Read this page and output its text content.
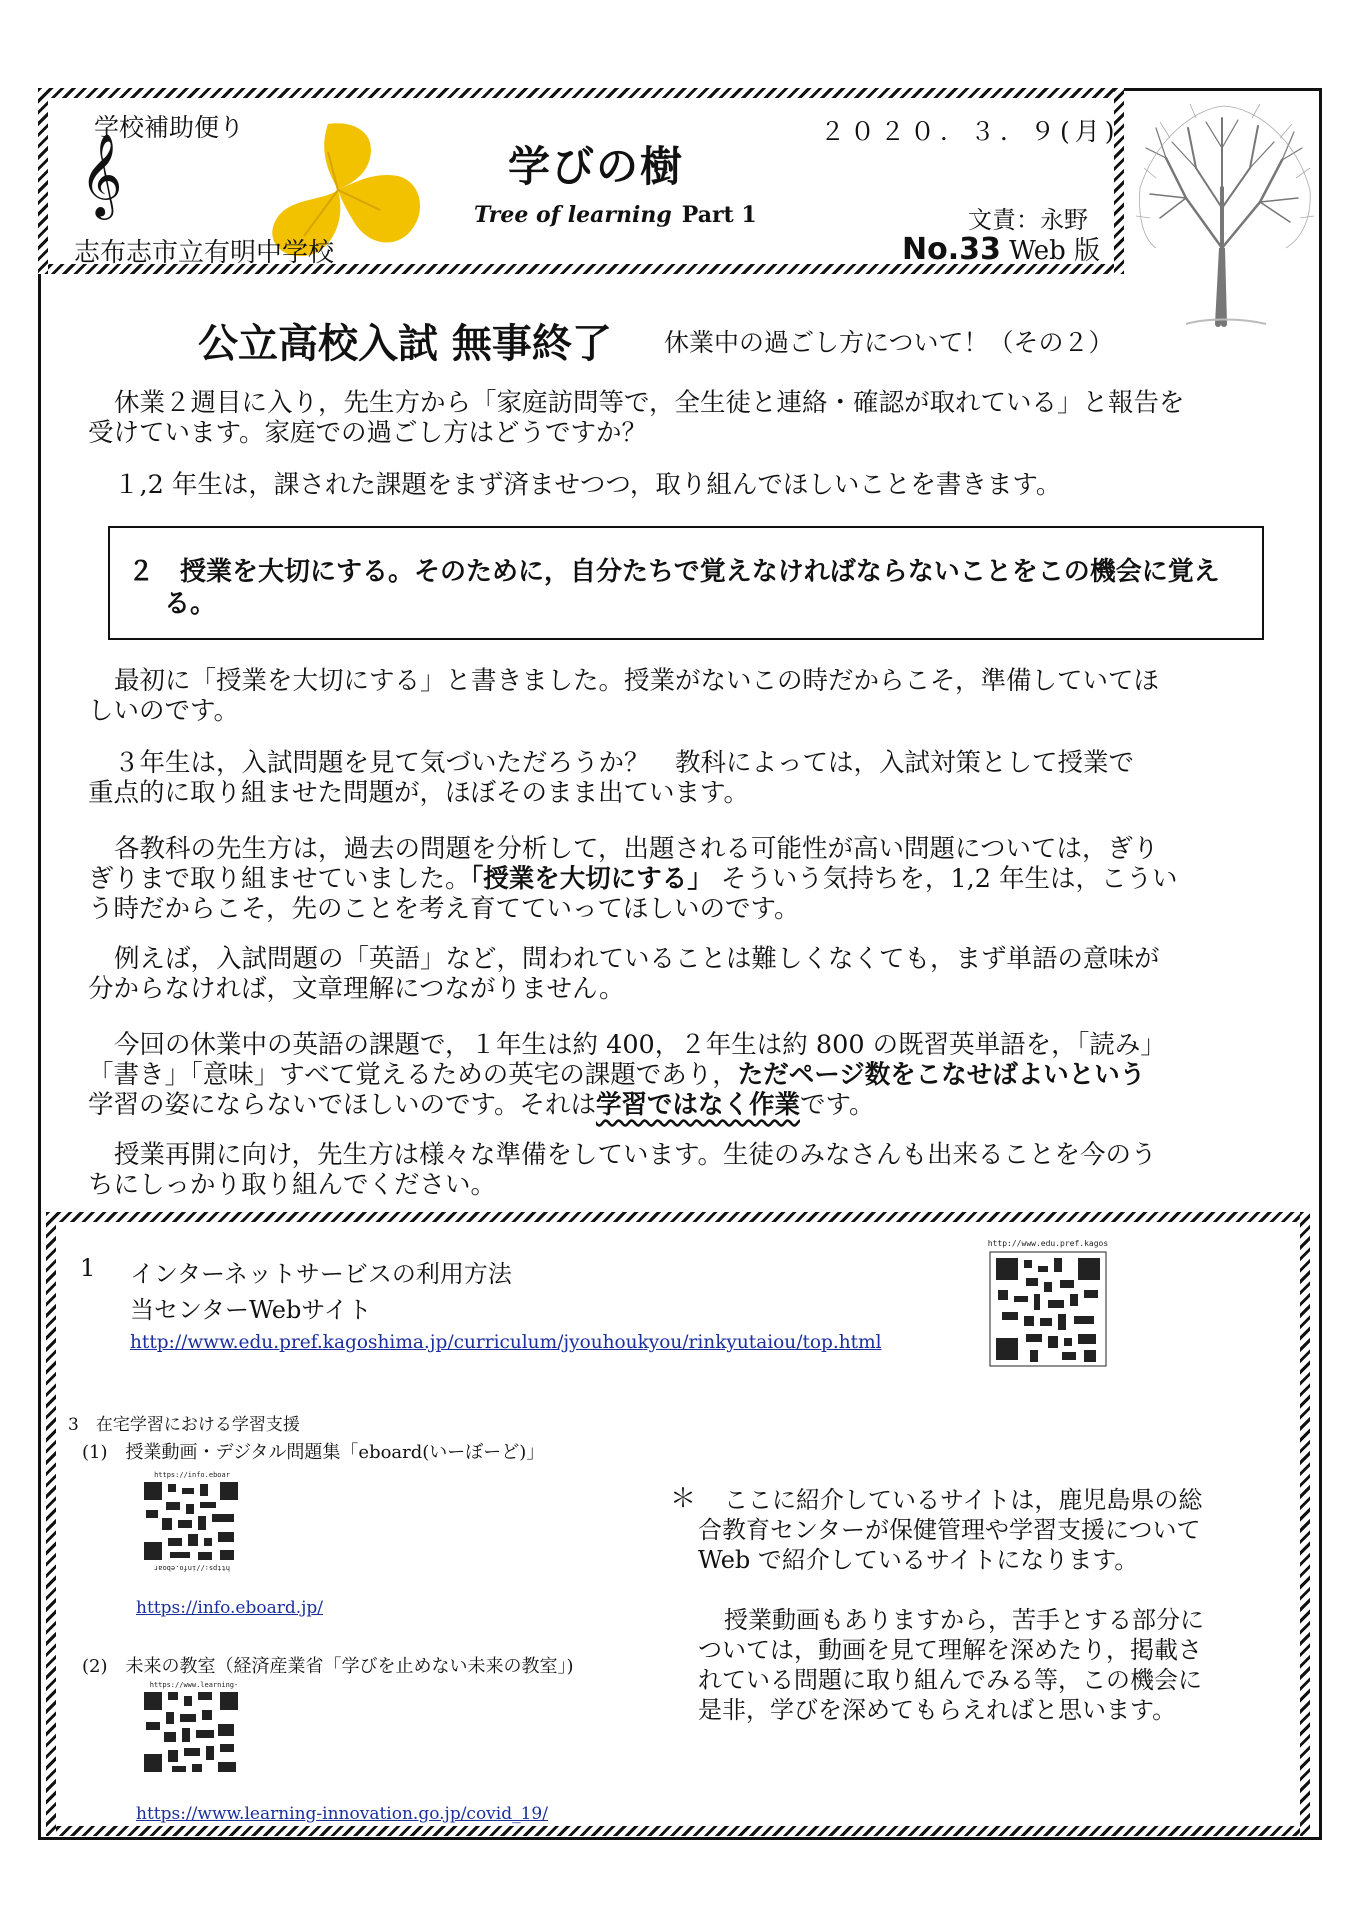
学校補助便り
𝄞
志布志市立有明中学校
学びの樹
Tree of learning Part 1
２０２０．３．９(月)
文責：永野
No.33 Web 版
公立高校入試 無事終了 休業中の過ごし方について！（その２）

休業２週目に入り，先生方から「家庭訪問等で，全生徒と連絡・確認が取れている」と報告を
受けています。家庭での過ごし方はどうですか？

１,2 年生は，課された課題をまず済ませつつ，取り組んでほしいことを書きます。

２　授業を大切にする。そのために，自分たちで覚えなければならないことをこの機会に覚え
る。

最初に「授業を大切にする」と書きました。授業がないこの時だからこそ，準備していてほ
しいのです。

３年生は，入試問題を見て気づいただろうか？　教科によっては，入試対策として授業で
重点的に取り組ませた問題が，ほぼそのまま出ています。

各教科の先生方は，過去の問題を分析して，出題される可能性が高い問題については，ぎり
ぎりまで取り組ませていました。「授業を大切にする」 そういう気持ちを，1,2 年生は，こうい
う時だからこそ，先のことを考え育てていってほしいのです。

例えば，入試問題の「英語」など，問われていることは難しくなくても，まず単語の意味が
分からなければ，文章理解につながりません。

今回の休業中の英語の課題で，１年生は約 400，２年生は約 800 の既習英単語を，「読み」
「書き」「意味」すべて覚えるための英宅の課題であり，ただページ数をこなせばよいという
学習の姿にならないでほしいのです。それは学習ではなく作業です。

授業再開に向け，先生方は様々な準備をしています。生徒のみなさんも出来ることを今のう
ちにしっかり取り組んでください。

1 インターネットサービスの利用方法
当センターWebサイト
http://www.edu.pref.kagoshima.jp/curriculum/jyouhoukyou/rinkyutaiou/top.html
http://www.edu.pref.kagos
3　在宅学習における学習支援
(1)　授業動画・デジタル問題集「eboard(いーぼーど)」
https://info.eboar
https://info.eboar
https://info.eboard.jp/
(2)　未来の教室（経済産業省「学びを止めない未来の教室」)
https://www.learning-
https://www.learning-innovation.go.jp/covid_19/
＊ ここに紹介しているサイトは，鹿児島県の総
合教育センターが保健管理や学習支援について
Web で紹介しているサイトになります。
授業動画もありますから，苦手とする部分に
ついては，動画を見て理解を深めたり，掲載さ
れている問題に取り組んでみる等，この機会に
是非，学びを深めてもらえればと思います。
